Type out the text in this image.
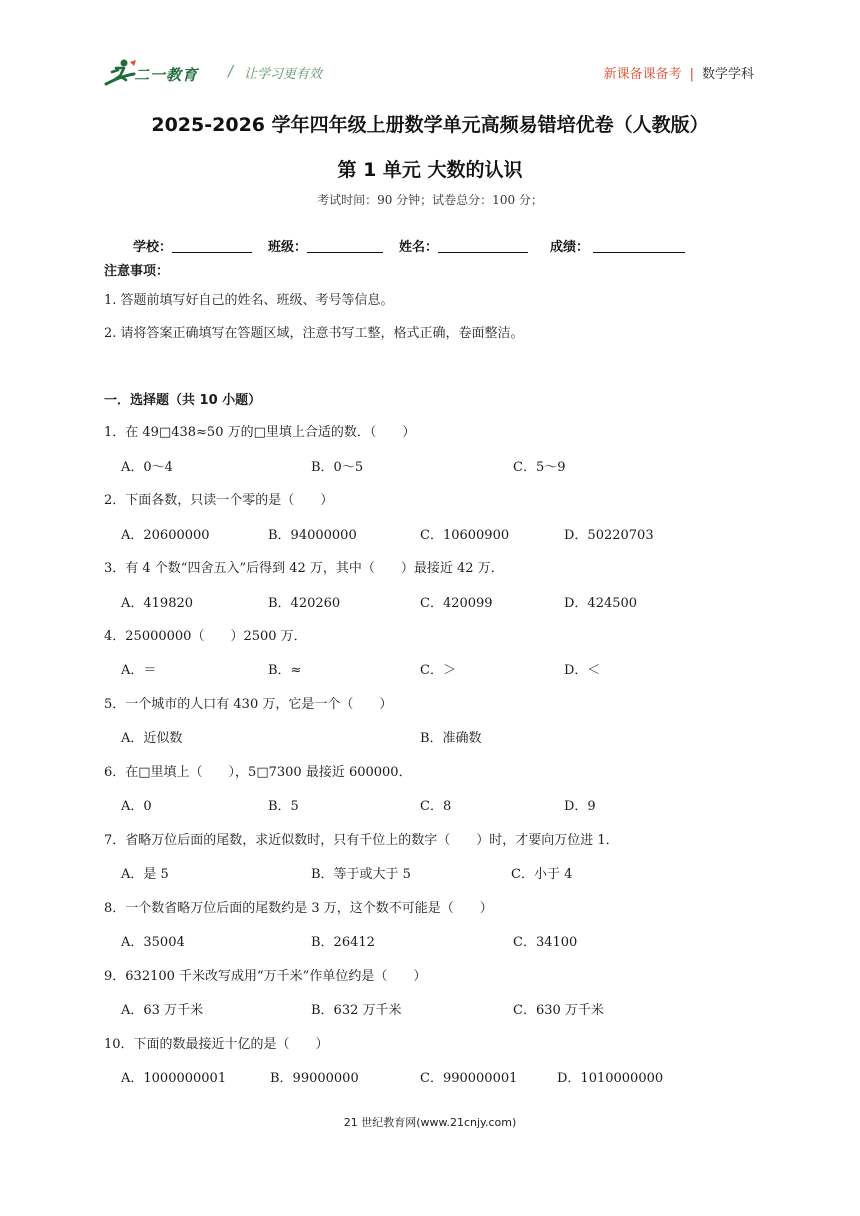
二一教育 / 让学习更有效	新课备课备考 | 数学学科
2025-2026 学年四年级上册数学单元高频易错培优卷（人教版）
第 1 单元 大数的认识
考试时间：90 分钟；试卷总分：100 分；
学校：	班级：	姓名：	成绩：
注意事项：
1. 答题前填写好自己的姓名、班级、考号等信息。
2. 请将答案正确填写在答题区域，注意书写工整，格式正确，卷面整洁。
一．选择题（共 10 小题）
1．在 49□438≈50 万的□里填上合适的数．（　　）
A．0～4	B．0～5	C．5～9
2．下面各数，只读一个零的是（　　）
A．20600000	B．94000000	C．10600900	D．50220703
3．有 4 个数“四舍五入”后得到 42 万，其中（　　）最接近 42 万．
A．419820	B．420260	C．420099	D．424500
4．25000000（　　）2500 万．
A．＝	B．≈	C．＞	D．＜
5．一个城市的人口有 430 万，它是一个（　　）
A．近似数	B．准确数
6．在□里填上（　　），5□7300 最接近 600000．
A．0	B．5	C．8	D．9
7．省略万位后面的尾数，求近似数时，只有千位上的数字（　　）时，才要向万位进 1．
A．是 5	B．等于或大于 5	C．小于 4
8．一个数省略万位后面的尾数约是 3 万，这个数不可能是（　　）
A．35004	B．26412	C．34100
9．632100 千米改写成用“万千米”作单位约是（　　）
A．63 万千米	B．632 万千米	C．630 万千米
10．下面的数最接近十亿的是（　　）
A．1000000001	B．99000000	C．990000001	D．1010000000
21 世纪教育网(www.21cnjy.com)
